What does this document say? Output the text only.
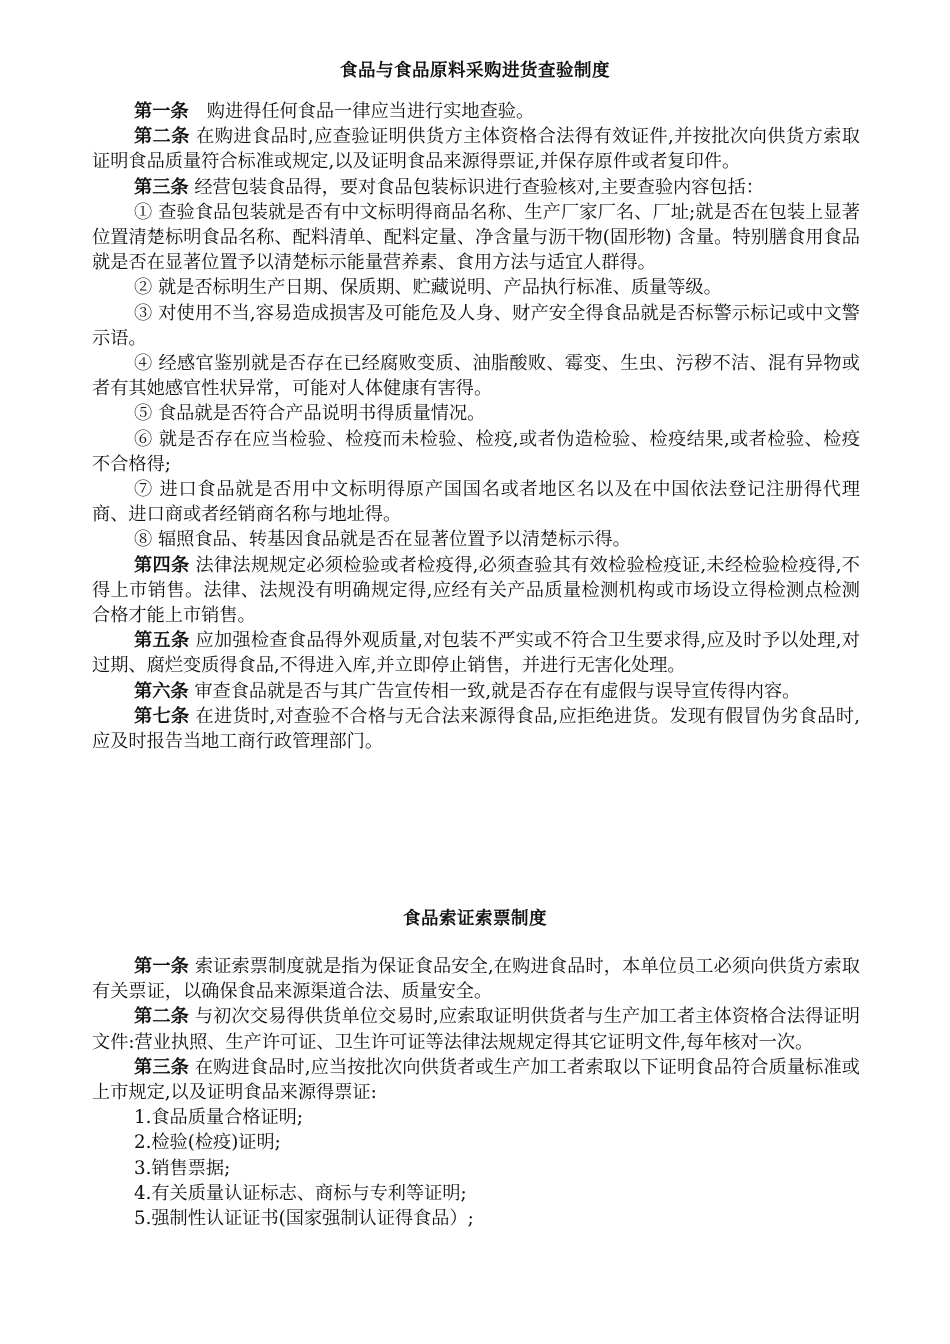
食品与食品原料采购进货查验制度

第一条　购进得任何食品一律应当进行实地查验。

第二条 在购进食品时,应查验证明供货方主体资格合法得有效证件,并按批次向供货方索取证明食品质量符合标准或规定,以及证明食品来源得票证,并保存原件或者复印件。

第三条 经营包装食品得，要对食品包装标识进行查验核对,主要查验内容包括：

① 查验食品包装就是否有中文标明得商品名称、生产厂家厂名、厂址;就是否在包装上显著位置清楚标明食品名称、配料清单、配料定量、净含量与沥干物(固形物) 含量。特别膳食用食品就是否在显著位置予以清楚标示能量营养素、食用方法与适宜人群得。

② 就是否标明生产日期、保质期、贮藏说明、产品执行标准、质量等级。

③ 对使用不当,容易造成损害及可能危及人身、财产安全得食品就是否标警示标记或中文警示语。

④ 经感官鉴别就是否存在已经腐败变质、油脂酸败、霉变、生虫、污秽不洁、混有异物或者有其她感官性状异常，可能对人体健康有害得。

⑤ 食品就是否符合产品说明书得质量情况。

⑥ 就是否存在应当检验、检疫而未检验、检疫,或者伪造检验、检疫结果,或者检验、检疫不合格得;

⑦ 进口食品就是否用中文标明得原产国国名或者地区名以及在中国依法登记注册得代理商、进口商或者经销商名称与地址得。

⑧ 辐照食品、转基因食品就是否在显著位置予以清楚标示得。

第四条 法律法规规定必须检验或者检疫得,必须查验其有效检验检疫证,未经检验检疫得,不得上市销售。法律、法规没有明确规定得,应经有关产品质量检测机构或市场设立得检测点检测合格才能上市销售。

第五条 应加强检查食品得外观质量,对包装不严实或不符合卫生要求得,应及时予以处理,对过期、腐烂变质得食品,不得进入库,并立即停止销售，并进行无害化处理。

第六条 审查食品就是否与其广告宣传相一致,就是否存在有虚假与误导宣传得内容。

第七条 在进货时,对查验不合格与无合法来源得食品,应拒绝进货。发现有假冒伪劣食品时,应及时报告当地工商行政管理部门。

食品索证索票制度

第一条 索证索票制度就是指为保证食品安全,在购进食品时，本单位员工必须向供货方索取有关票证，以确保食品来源渠道合法、质量安全。

第二条 与初次交易得供货单位交易时,应索取证明供货者与生产加工者主体资格合法得证明文件:营业执照、生产许可证、卫生许可证等法律法规规定得其它证明文件,每年核对一次。

第三条 在购进食品时,应当按批次向供货者或生产加工者索取以下证明食品符合质量标准或上市规定,以及证明食品来源得票证:

1.食品质量合格证明;
2.检验(检疫)证明;
3.销售票据;
4.有关质量认证标志、商标与专利等证明;
5.强制性认证证书(国家强制认证得食品）;
